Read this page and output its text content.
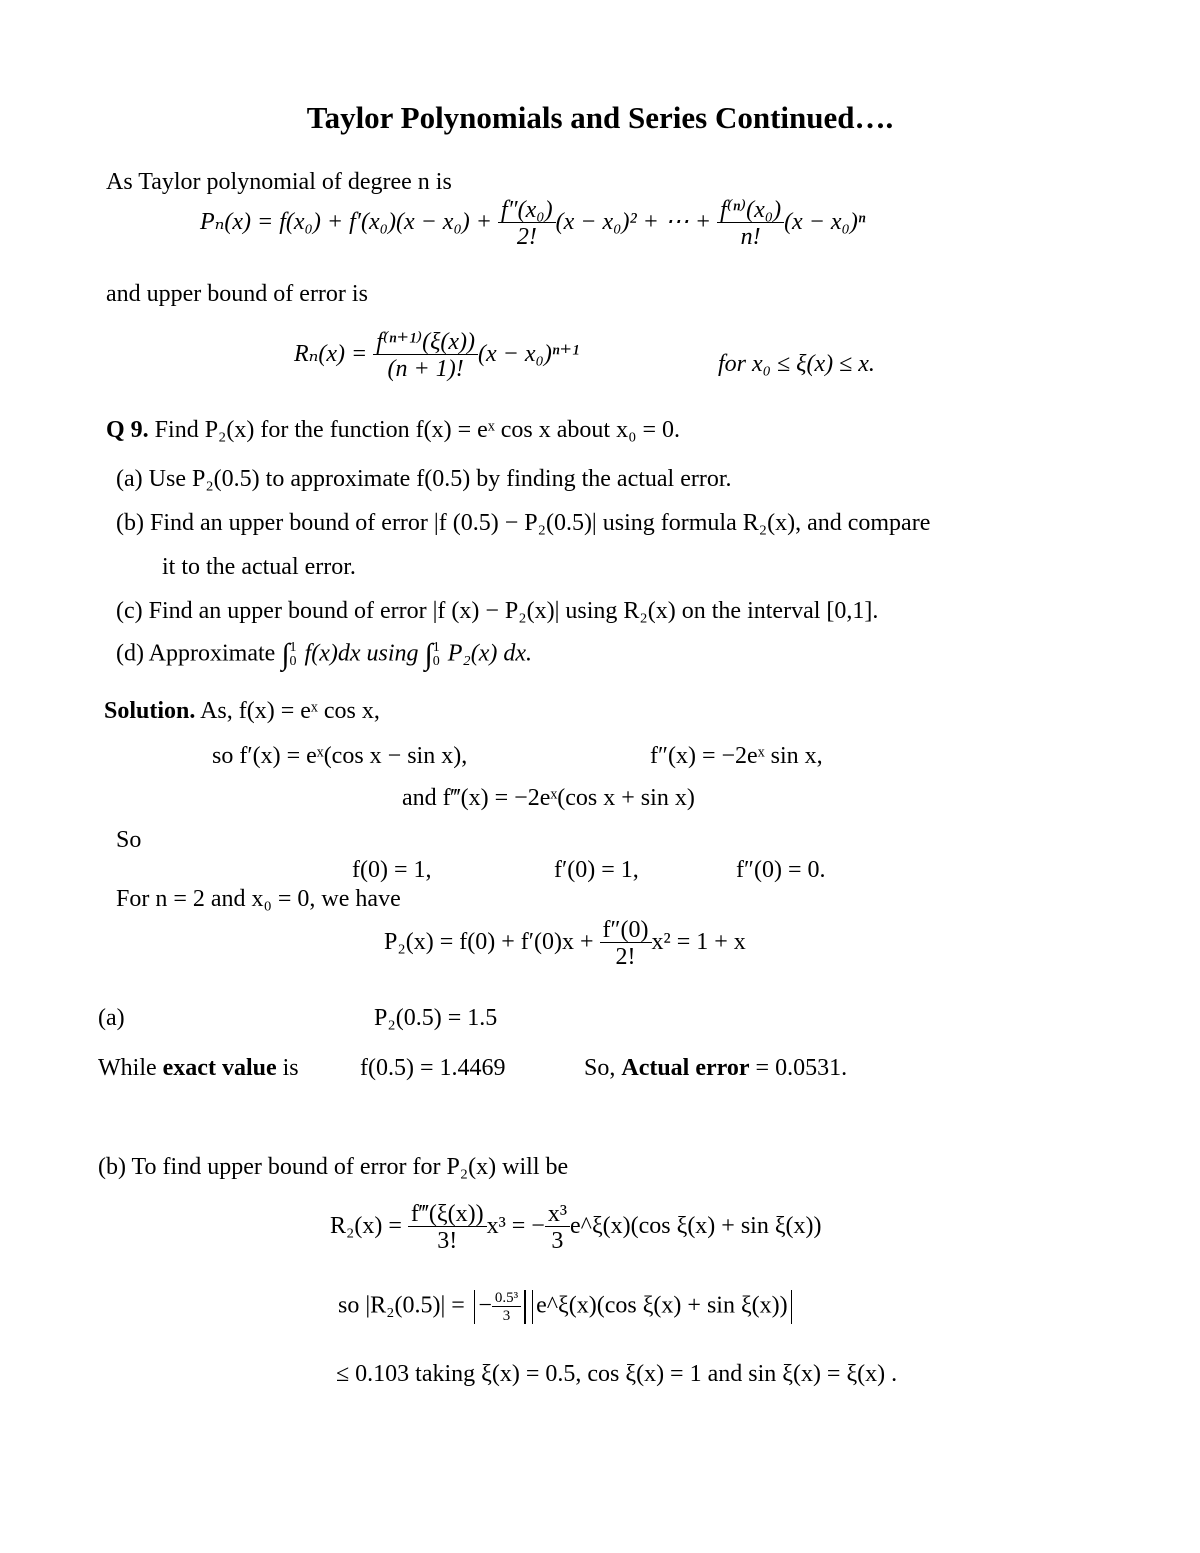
Taylor Polynomials and Series Continued….
As Taylor polynomial of degree n is
$P_n(x) = f(x_0) + f'(x_0)(x - x_0) + \frac{\text{f″(x₀)}}{2!} (x - x_0)^2$ + ⋯ + $\frac{\text{f⁽ⁿ⁾(x₀)}}{n!} (x - x_0)^n$
and upper bound of error is
$R_n(x) = \frac{\text{f⁽ⁿ⁺¹⁾(ξ(x))}}{(n + 1)!} (x - x_0)^{n+1}$	for x₀ ≤ ξ(x) ≤ x.
Q 9. Find P₂(x) for the function f(x) = eˣ cos x about x₀ = 0.
(a) Use P₂(0.5) to approximate f(0.5) by finding the actual error.
(b) Find an upper bound of error |f (0.5) − P₂(0.5)| using formula R₂(x), and compare
it to the actual error.
(c) Find an upper bound of error |f (x) − P₂(x)| using R₂(x) on the interval [0,1].
(d) Approximate ∫ 1
0 f(x)dx using ∫ 1
0 P₂(x) dx.
Solution. As, f(x) = eˣ cos x,
so f′(x) = eˣ(cos x − sin x),	f″(x) = −2eˣ sin x,
and f‴(x) = −2eˣ(cos x + sin x)
So
f(0) = 1,	f′(0) = 1,	f″(0) = 0.
For n = 2 and x₀ = 0, we have
$P_2(x) = f(0) + f'(0)x + \frac{f''(0)}{2!} x^2 = 1 + x$
(a)	P₂(0.5) = 1.5
While exact value is	f(0.5) = 1.4469	So, Actual error = 0.0531.
(b) To find upper bound of error for P₂(x) will be
$R_2(x) = \frac{f‴(\xi(x))}{3!} x^3$ = − $\frac{\text{x³}}{3}$ e^ξ(x)(cos ξ(x) + sin ξ(x))
so |R₂(0.5)| = − $\frac{\text{0.5³}}{3}$ e^ξ(x)(cos ξ(x) + sin ξ(x))
≤ 0.103 taking ξ(x) = 0.5, cos ξ(x) = 1 and sin ξ(x) = ξ(x) .
